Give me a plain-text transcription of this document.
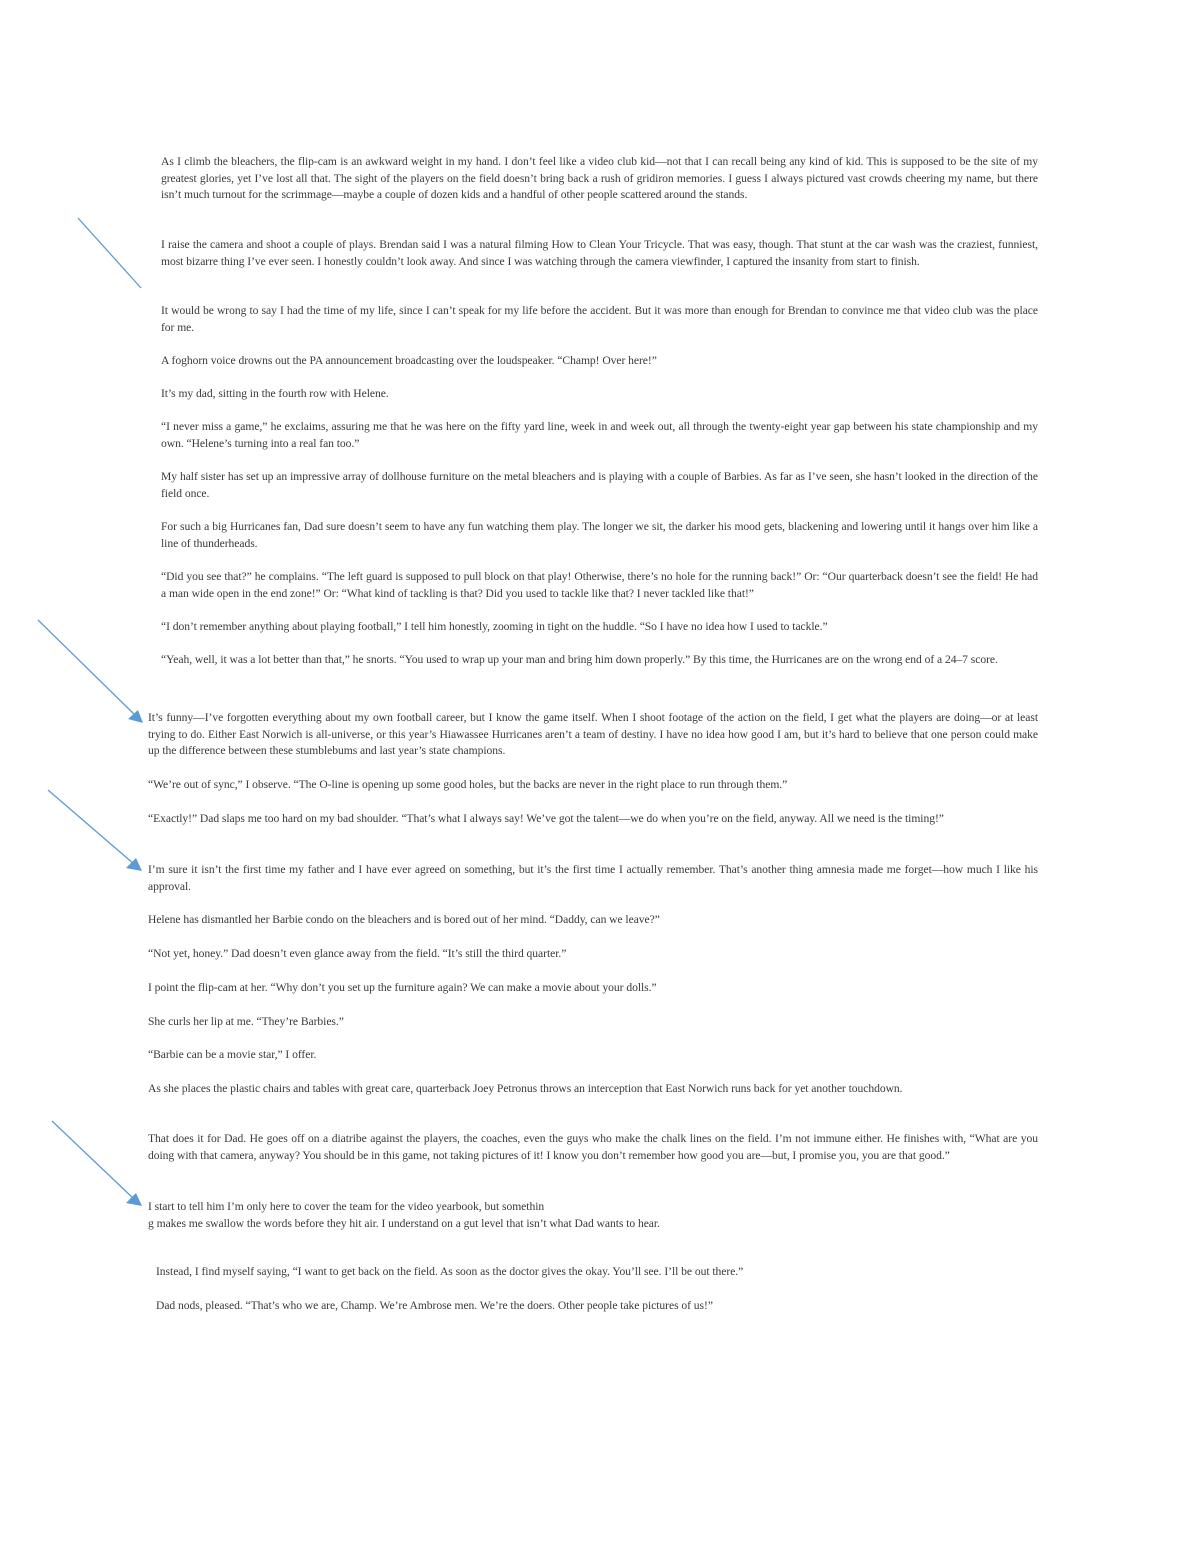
As I climb the bleachers, the flip-cam is an awkward weight in my hand. I don’t feel like a video club kid—not that I can recall being any kind of kid. This is supposed to be the site of my greatest glories, yet I’ve lost all that. The sight of the players on the field doesn’t bring back a rush of gridiron memories. I guess I always pictured vast crowds cheering my name, but there isn’t much turnout for the scrimmage—maybe a couple of dozen kids and a handful of other people scattered around the stands.

I raise the camera and shoot a couple of plays. Brendan said I was a natural filming How to Clean Your Tricycle. That was easy, though. That stunt at the car wash was the craziest, funniest, most bizarre thing I’ve ever seen. I honestly couldn’t look away. And since I was watching through the camera viewfinder, I captured the insanity from start to finish.

It would be wrong to say I had the time of my life, since I can’t speak for my life before the accident. But it was more than enough for Brendan to convince me that video club was the place for me.

A foghorn voice drowns out the PA announcement broadcasting over the loudspeaker. “Champ! Over here!”

It’s my dad, sitting in the fourth row with Helene.

“I never miss a game,” he exclaims, assuring me that he was here on the fifty yard line, week in and week out, all through the twenty-eight year gap between his state championship and my own. “Helene’s turning into a real fan too.”

My half sister has set up an impressive array of dollhouse furniture on the metal bleachers and is playing with a couple of Barbies. As far as I’ve seen, she hasn’t looked in the direction of the field once.

For such a big Hurricanes fan, Dad sure doesn’t seem to have any fun watching them play. The longer we sit, the darker his mood gets, blackening and lowering until it hangs over him like a line of thunderheads.

“Did you see that?” he complains. “The left guard is supposed to pull block on that play! Otherwise, there’s no hole for the running back!” Or: “Our quarterback doesn’t see the field! He had a man wide open in the end zone!” Or: “What kind of tackling is that? Did you used to tackle like that? I never tackled like that!”

“I don’t remember anything about playing football,” I tell him honestly, zooming in tight on the huddle. “So I have no idea how I used to tackle.”

“Yeah, well, it was a lot better than that,” he snorts. “You used to wrap up your man and bring him down properly.” By this time, the Hurricanes are on the wrong end of a 24–7 score.

It’s funny—I’ve forgotten everything about my own football career, but I know the game itself. When I shoot footage of the action on the field, I get what the players are doing—or at least trying to do. Either East Norwich is all-universe, or this year’s Hiawassee Hurricanes aren’t a team of destiny. I have no idea how good I am, but it’s hard to believe that one person could make up the difference between these stumblebums and last year’s state champions.

“We’re out of sync,” I observe. “The O-line is opening up some good holes, but the backs are never in the right place to run through them.”

“Exactly!” Dad slaps me too hard on my bad shoulder. “That’s what I always say! We’ve got the talent—we do when you’re on the field, anyway. All we need is the timing!”

I’m sure it isn’t the first time my father and I have ever agreed on something, but it’s the first time I actually remember. That’s another thing amnesia made me forget—how much I like his approval.

Helene has dismantled her Barbie condo on the bleachers and is bored out of her mind. “Daddy, can we leave?”

“Not yet, honey.” Dad doesn’t even glance away from the field. “It’s still the third quarter.”

I point the flip-cam at her. “Why don’t you set up the furniture again? We can make a movie about your dolls.”

She curls her lip at me. “They’re Barbies.”

“Barbie can be a movie star,” I offer.

As she places the plastic chairs and tables with great care, quarterback Joey Petronus throws an interception that East Norwich runs back for yet another touchdown.

That does it for Dad. He goes off on a diatribe against the players, the coaches, even the guys who make the chalk lines on the field. I’m not immune either. He finishes with, “What are you doing with that camera, anyway? You should be in this game, not taking pictures of it! I know you don’t remember how good you are—but, I promise you, you are that good.”

I start to tell him I’m only here to cover the team for the video yearbook, but somethin

g makes me swallow the words before they hit air. I understand on a gut level that isn’t what Dad wants to hear.

Instead, I find myself saying, “I want to get back on the field. As soon as the doctor gives the okay. You’ll see. I’ll be out there.”

Dad nods, pleased. “That’s who we are, Champ. We’re Ambrose men. We’re the doers. Other people take pictures of us!”
